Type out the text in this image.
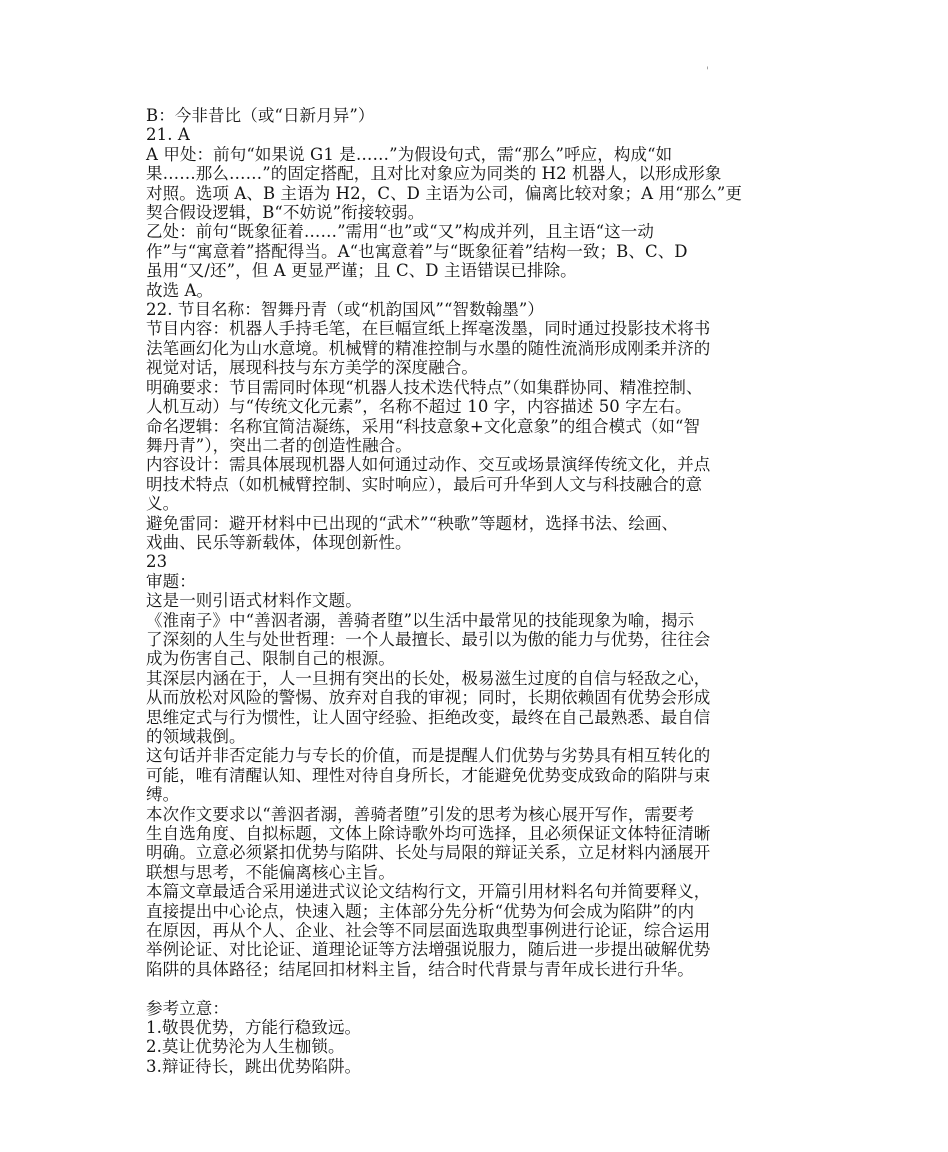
'
B：今非昔比（或“日新月异”）
21. A
A 甲处：前句“如果说 G1 是……”为假设句式，需“那么”呼应，构成“如
果……那么……”的固定搭配，且对比对象应为同类的 H2 机器人，以形成形象
对照。选项 A、B 主语为 H2，C、D 主语为公司，偏离比较对象；A 用“那么”更
契合假设逻辑，B“不妨说”衔接较弱。
乙处：前句“既象征着……”需用“也”或“又”构成并列，且主语“这一动
作”与“寓意着”搭配得当。A“也寓意着”与“既象征着”结构一致；B、C、D
虽用“又/还”，但 A 更显严谨；且 C、D 主语错误已排除。
故选 A。
22. 节目名称：智舞丹青（或“机韵国风”“智数翰墨”）
节目内容：机器人手持毛笔，在巨幅宣纸上挥毫泼墨，同时通过投影技术将书
法笔画幻化为山水意境。机械臂的精准控制与水墨的随性流淌形成刚柔并济的
视觉对话，展现科技与东方美学的深度融合。
明确要求：节目需同时体现“机器人技术迭代特点”（如集群协同、精准控制、
人机互动）与“传统文化元素”，名称不超过 10 字，内容描述 50 字左右。
命名逻辑：名称宜简洁凝练，采用“科技意象+文化意象”的组合模式（如“智
舞丹青”），突出二者的创造性融合。
内容设计：需具体展现机器人如何通过动作、交互或场景演绎传统文化，并点
明技术特点（如机械臂控制、实时响应），最后可升华到人文与科技融合的意
义。
避免雷同：避开材料中已出现的“武术”“秧歌”等题材，选择书法、绘画、
戏曲、民乐等新载体，体现创新性。
23
审题：
这是一则引语式材料作文题。
《淮南子》中“善泅者溺，善骑者堕”以生活中最常见的技能现象为喻，揭示
了深刻的人生与处世哲理：一个人最擅长、最引以为傲的能力与优势，往往会
成为伤害自己、限制自己的根源。
其深层内涵在于，人一旦拥有突出的长处，极易滋生过度的自信与轻敌之心，
从而放松对风险的警惕、放弃对自我的审视；同时，长期依赖固有优势会形成
思维定式与行为惯性，让人固守经验、拒绝改变，最终在自己最熟悉、最自信
的领域栽倒。
这句话并非否定能力与专长的价值，而是提醒人们优势与劣势具有相互转化的
可能，唯有清醒认知、理性对待自身所长，才能避免优势变成致命的陷阱与束
缚。
本次作文要求以“善泅者溺，善骑者堕”引发的思考为核心展开写作，需要考
生自选角度、自拟标题，文体上除诗歌外均可选择，且必须保证文体特征清晰
明确。立意必须紧扣优势与陷阱、长处与局限的辩证关系，立足材料内涵展开
联想与思考，不能偏离核心主旨。
本篇文章最适合采用递进式议论文结构行文，开篇引用材料名句并简要释义，
直接提出中心论点，快速入题；主体部分先分析“优势为何会成为陷阱”的内
在原因，再从个人、企业、社会等不同层面选取典型事例进行论证，综合运用
举例论证、对比论证、道理论证等方法增强说服力，随后进一步提出破解优势
陷阱的具体路径；结尾回扣材料主旨，结合时代背景与青年成长进行升华。
参考立意：
1.敬畏优势，方能行稳致远。
2.莫让优势沦为人生枷锁。
3.辩证待长，跳出优势陷阱。
